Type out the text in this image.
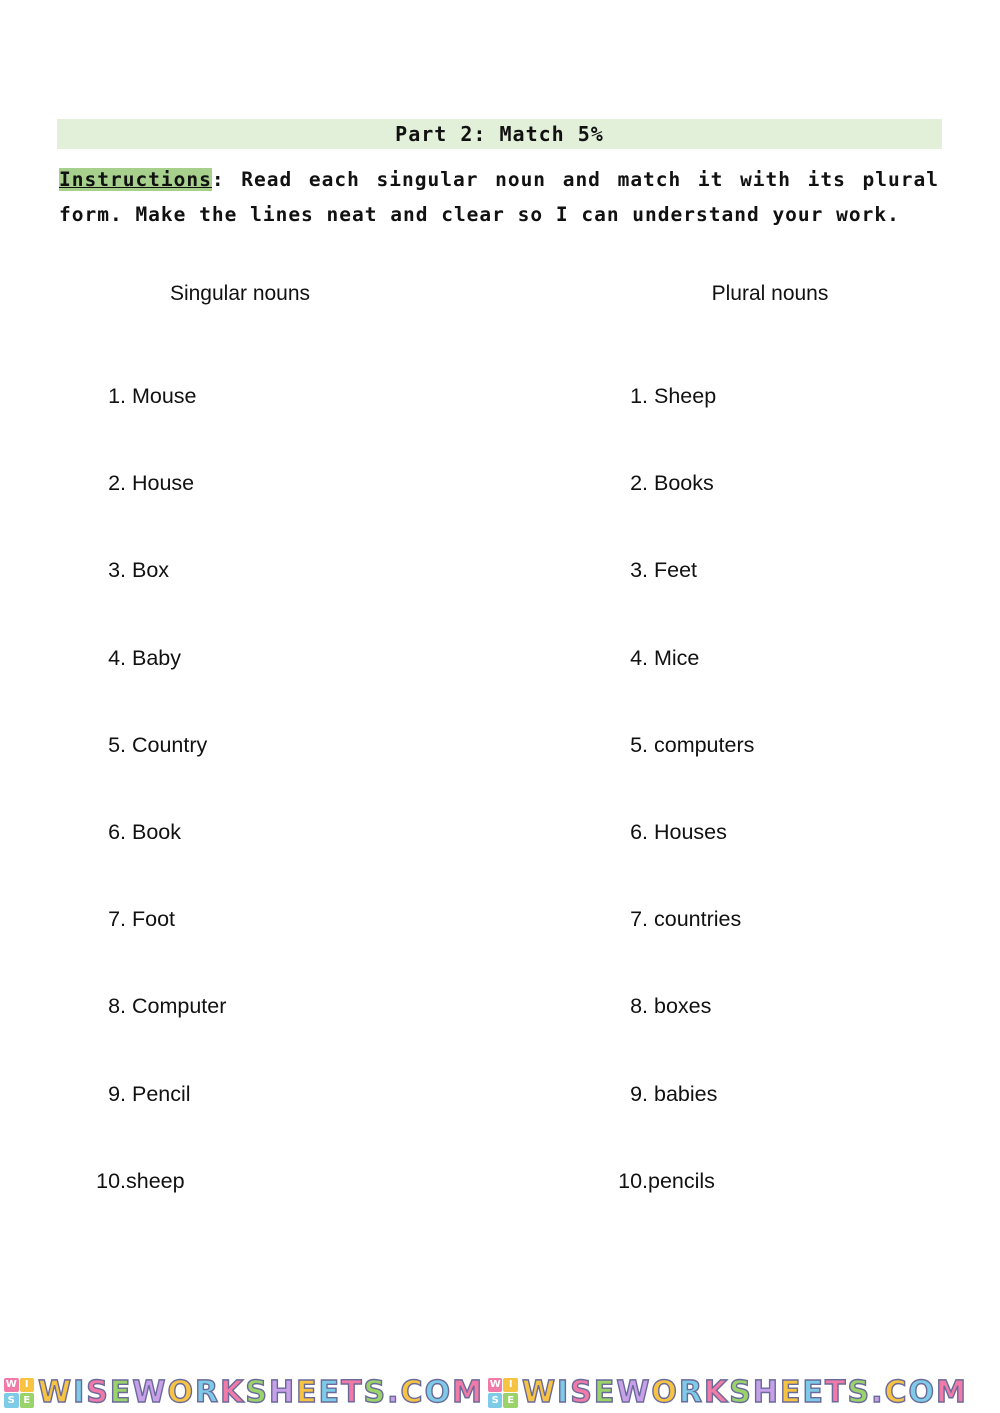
Part 2: Match 5%
Instructions: Read each singular noun and match it with its plural form. Make the lines neat and clear so I can understand your work.
Singular nouns	Plural nouns
1.
Mouse
2.
House
3.
Box
4.
Baby
5.
Country
6.
Book
7.
Foot
8.
Computer
9.
Pencil
10. sheep
1.
Sheep
2.
Books
3.
Feet
4.
Mice
5.
computers
6.
Houses
7.
countries
8.
boxes
9.
babies
10. pencils
W I
S E WISEWORKSHEETS.COM W I
S E WISEWORKSHEETS.COM
